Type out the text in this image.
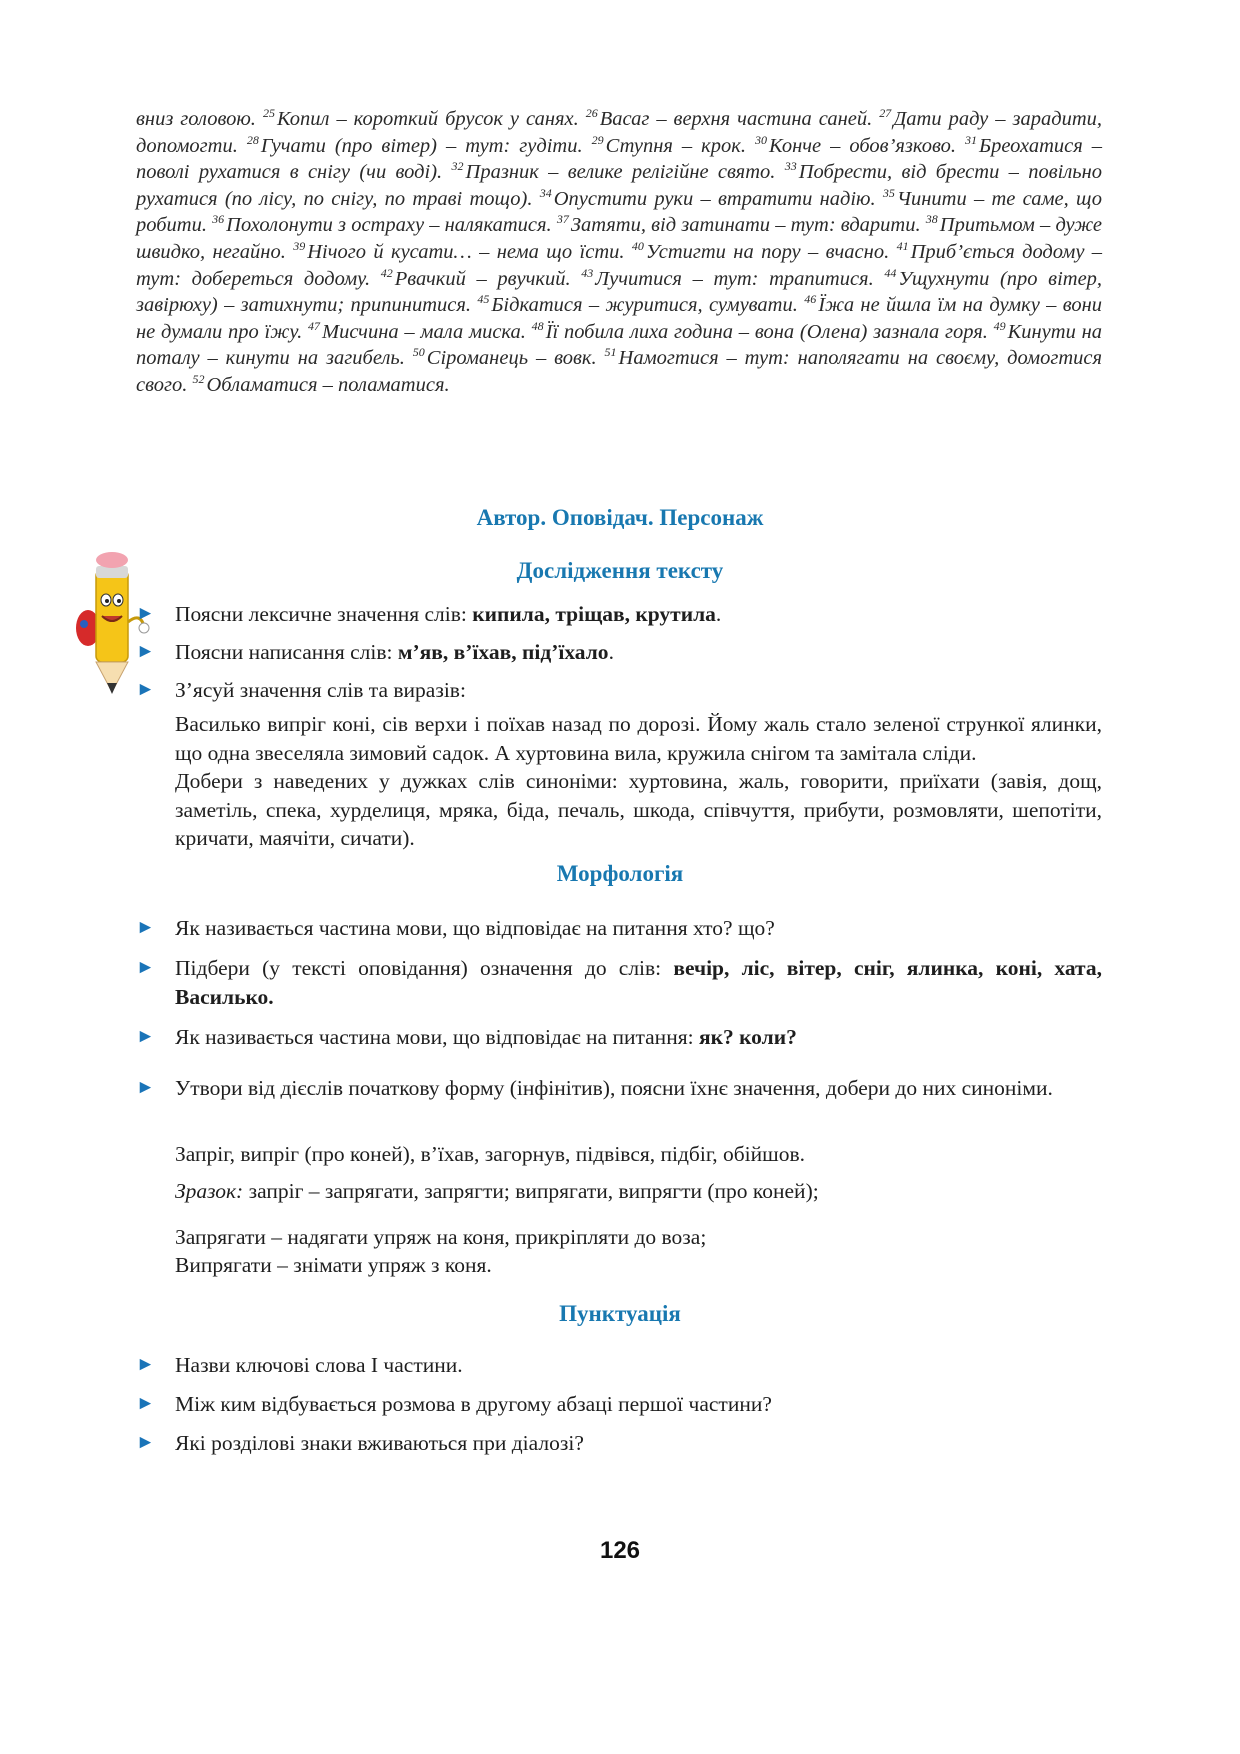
вниз головою. $^{25}$Копил – короткий брусок у санях. $^{26}$Васаг – верхня частина саней. $^{27}$Дати раду – зарадити, допомогти. $^{28}$Гучати (про вітер) – тут: гудіти. $^{29}$Ступня – крок. $^{30}$Конче – обов’язково. $^{31}$Бреохатися – поволі рухатися в снігу (чи воді). $^{32}$Празник – велике релігійне свято. $^{33}$Побрести, від брести – повільно рухатися (по лісу, по снігу, по траві тощо). $^{34}$Опустити руки – втратити надію. $^{35}$Чинити – те саме, що робити. $^{36}$Похолонути з остраху – налякатися. $^{37}$Затяти, від затинати – тут: вдарити. $^{38}$Притьмом – дуже швидко, негайно. $^{39}$Нічого й кусати… – нема що їсти. $^{40}$Устигти на пору – вчасно. $^{41}$Приб’ється додому – тут: добереться додому. $^{42}$Рвачкий – рвучкий. $^{43}$Лучитися – тут: трапитися. $^{44}$Ущухнути (про вітер, завірюху) – затихнути; припинитися. $^{45}$Бідкатися – журитися, сумувати. $^{46}$Їжа не йшла їм на думку – вони не думали про їжу. $^{47}$Мисчина – мала миска. $^{48}$Її побила лиха година – вона (Олена) зазнала горя. $^{49}$Кинути на поталу – кинути на загибель. $^{50}$Сіроманець – вовк. $^{51}$Намогтися – тут: наполягати на своєму, домогтися свого. $^{52}$Обламатися – поламатися.

Автор. Оповідач. Персонаж
Дослідження тексту
► Поясни лексичне значення слів: кипила, тріщав, крутила.
► Поясни написання слів: м’яв, в’їхав, під’їхало.
► З’ясуй значення слів та виразів:

Василько випріг коні, сів верхи і поїхав назад по дорозі. Йому жаль стало зеленої стрункої ялинки, що одна звеселяла зимовий садок. А хуртовина вила, кружила снігом та замітала сліди.

Добери з наведених у дужках слів синоніми: хуртовина, жаль, говорити, приїхати (завія, дощ, заметіль, спека, хурделиця, мряка, біда, печаль, шкода, співчуття, прибути, розмовляти, шепотіти, кричати, маячіти, сичати).

Морфологія
► Як називається частина мови, що відповідає на питання хто? що?
► Підбери (у тексті оповідання) означення до слів: вечір, ліс, вітер, сніг, ялинка, коні, хата, Василько.
► Як називається частина мови, що відповідає на питання: як? коли?
► Утвори від дієслів початкову форму (інфінітив), поясни їхнє значення, добери до них синоніми.

Запріг, випріг (про коней), в’їхав, загорнув, підвівся, підбіг, обійшов.

Зразок: запріг – запрягати, запрягти; випрягати, випрягти (про коней);

Запрягати – надягати упряж на коня, прикріпляти до воза;

Випрягати – знімати упряж з коня.

Пунктуація
► Назви ключові слова І частини.
► Між ким відбувається розмова в другому абзаці першої частини?
► Які розділові знаки вживаються при діалозі?
126
